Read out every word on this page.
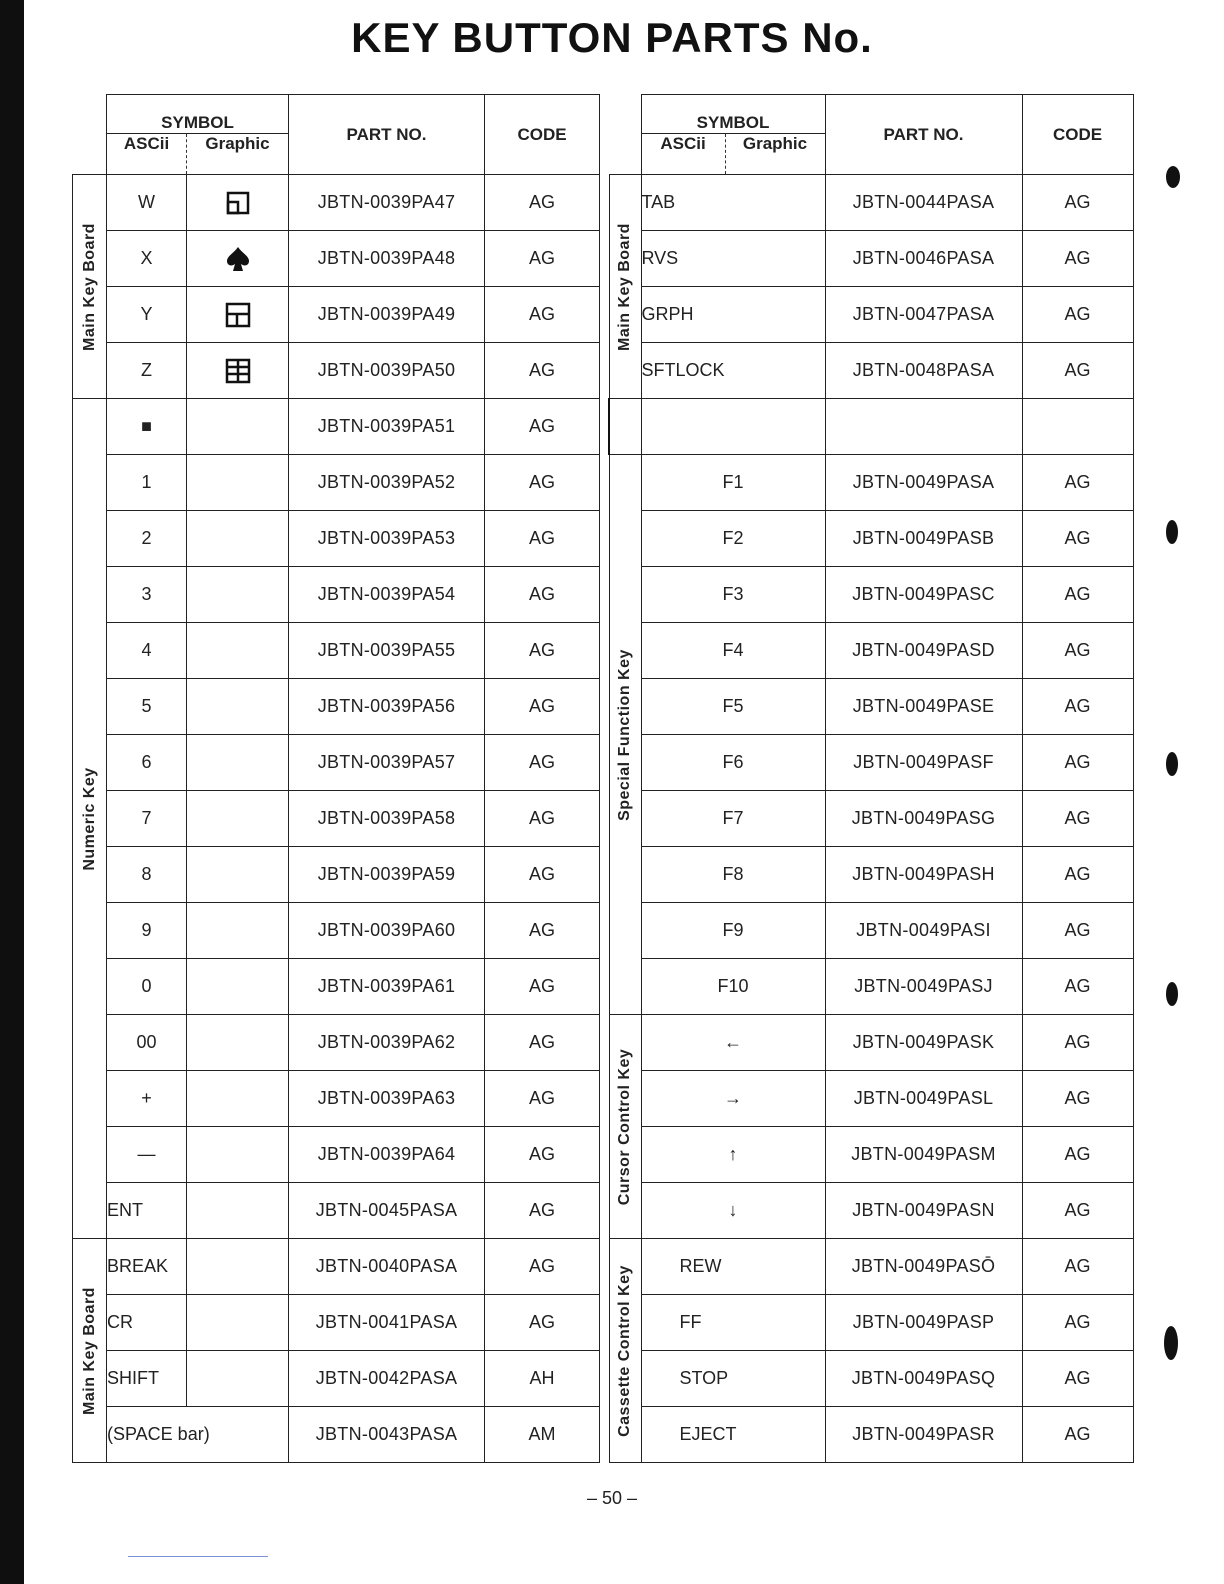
KEY BUTTON PARTS No.
	SYMBOL		PART NO.	CODE
	ASCii	Graphic		

Main Key Board	W		JBTN-0039PA47	AG
	X		JBTN-0039PA48	AG
	Y		JBTN-0039PA49	AG
	Z		JBTN-0039PA50	AG

Numeric Key	■		JBTN-0039PA51	AG
	1		JBTN-0039PA52	AG
	2		JBTN-0039PA53	AG
	3		JBTN-0039PA54	AG
	4		JBTN-0039PA55	AG
	5		JBTN-0039PA56	AG
	6		JBTN-0039PA57	AG
	7		JBTN-0039PA58	AG
	8		JBTN-0039PA59	AG
	9		JBTN-0039PA60	AG
	0		JBTN-0039PA61	AG
	00		JBTN-0039PA62	AG
	+		JBTN-0039PA63	AG
	—		JBTN-0039PA64	AG
	ENT		JBTN-0045PASA	AG

Main Key Board	BREAK		JBTN-0040PASA	AG
	CR		JBTN-0041PASA	AG
	SHIFT		JBTN-0042PASA	AH
	(SPACE bar)		JBTN-0043PASA	AM
	SYMBOL		PART NO.	CODE
	ASCii	Graphic		

Main Key Board	TAB		JBTN-0044PASA	AG
	RVS		JBTN-0046PASA	AG
	GRPH		JBTN-0047PASA	AG
	SFTLOCK		JBTN-0048PASA	AG

Special Function Key	F1		JBTN-0049PASA	AG
	F2		JBTN-0049PASB	AG
	F3		JBTN-0049PASC	AG
	F4		JBTN-0049PASD	AG
	F5		JBTN-0049PASE	AG
	F6		JBTN-0049PASF	AG
	F7		JBTN-0049PASG	AG
	F8		JBTN-0049PASH	AG
	F9		JBTN-0049PASI	AG
	F10		JBTN-0049PASJ	AG

Cursor Control Key	←		JBTN-0049PASK	AG
	→		JBTN-0049PASL	AG
	↑		JBTN-0049PASM	AG
	↓		JBTN-0049PASN	AG

Cassette Control Key	REW		JBTN-0049PASŌ	AG
	FF		JBTN-0049PASP	AG
	STOP		JBTN-0049PASQ	AG
	EJECT		JBTN-0049PASR	AG
– 50 –
